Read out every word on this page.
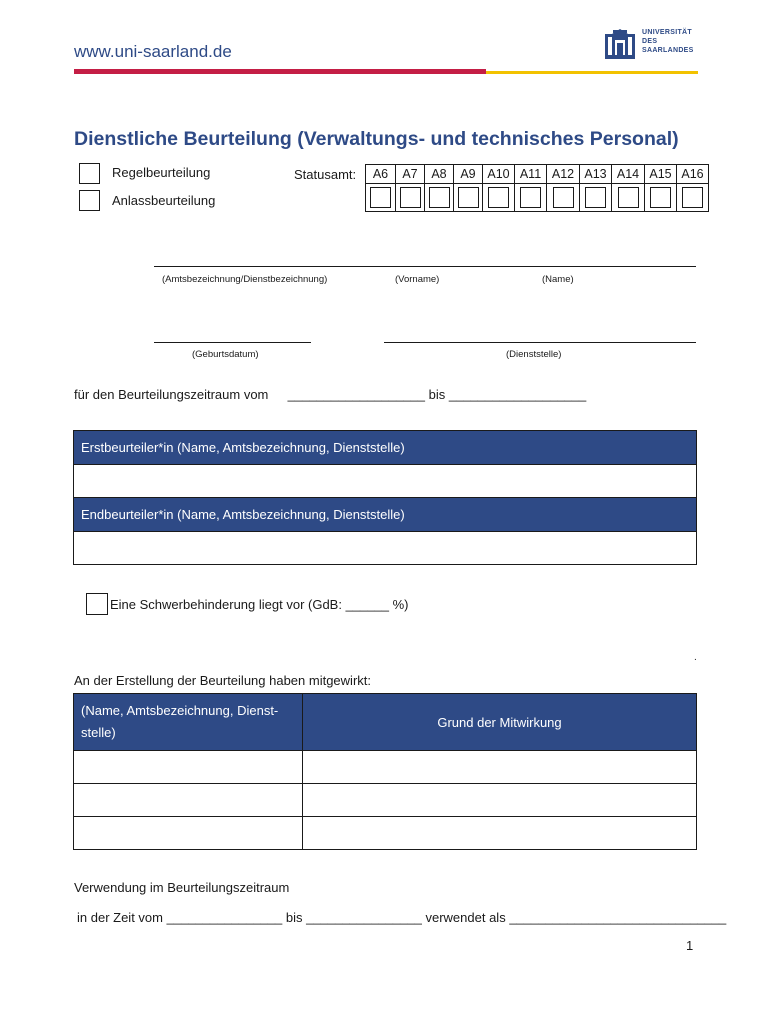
www.uni-saarland.de
UNIVERSITÄT
DES
SAARLANDES
Dienstliche Beurteilung (Verwaltungs- und technisches Personal)
Regelbeurteilung
Anlassbeurteilung
Statusamt: A6	A7	A8	A9	A10	A11	A12	A13	A14	A15	A16

(Amtsbezeichnung/Dienstbezeichnung)	(Vorname)	(Name)
(Geburtsdatum)	(Dienststelle)
für den Beurteilungszeitraum vom ___________________ bis ___________________
Erstbeurteiler*in (Name, Amtsbezeichnung, Dienststelle)

Endbeurteiler*in (Name, Amtsbezeichnung, Dienststelle)

Eine Schwerbehinderung liegt vor (GdB: ______ %)
.
An der Erstellung der Beurteilung haben mitgewirkt:
(Name, Amtsbezeichnung, Dienst-
stelle)	Grund der Mitwirkung

Verwendung im Beurteilungszeitraum
in der Zeit vom ________________ bis ________________ verwendet als ______________________________
1
